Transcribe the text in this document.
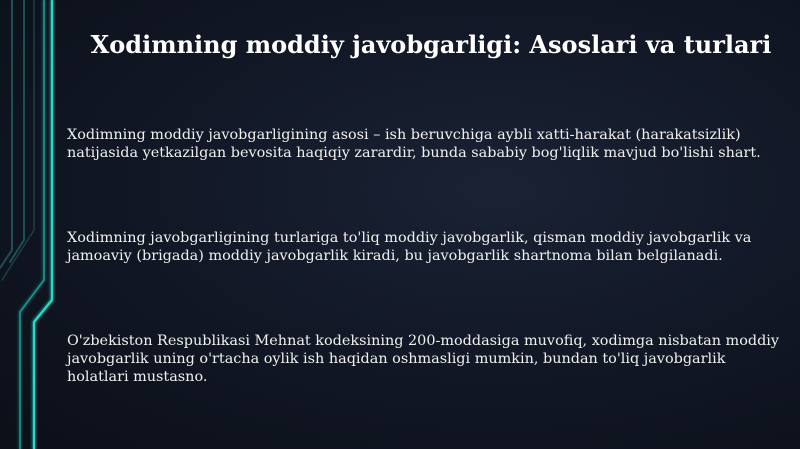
Xodimning moddiy javobgarligi: Asoslari va turlari

Xodimning moddiy javobgarligining asosi – ish beruvchiga aybli xatti-harakat (harakatsizlik) natijasida yetkazilgan bevosita haqiqiy zarardir, bunda sababiy bog'liqlik mavjud bo'lishi shart.

Xodimning javobgarligining turlariga to'liq moddiy javobgarlik, qisman moddiy javobgarlik va jamoaviy (brigada) moddiy javobgarlik kiradi, bu javobgarlik shartnoma bilan belgilanadi.

O'zbekiston Respublikasi Mehnat kodeksining 200-moddasiga muvofiq, xodimga nisbatan moddiy javobgarlik uning o'rtacha oylik ish haqidan oshmasligi mumkin, bundan to'liq javobgarlik holatlari mustasno.
